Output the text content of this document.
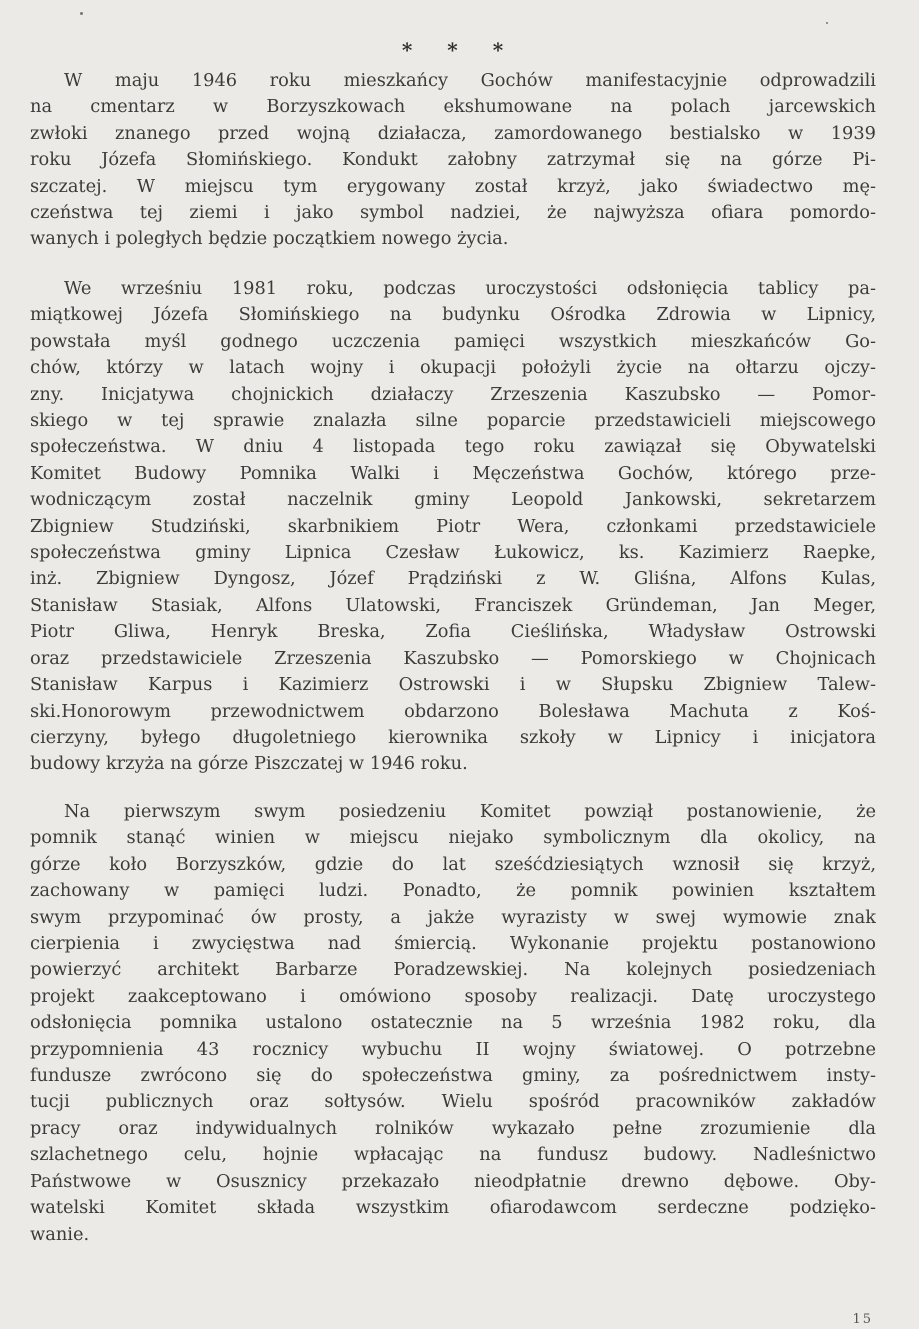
* * *
W maju 1946 roku mieszkańcy Gochów manifestacyjnie odprowadzili
na cmentarz w Borzyszkowach ekshumowane na polach jarcewskich
zwłoki znanego przed wojną działacza, zamordowanego bestialsko w 1939
roku Józefa Słomińskiego. Kondukt załobny zatrzymał się na górze Pi-
szczatej. W miejscu tym erygowany został krzyż, jako świadectwo mę-
czeństwa tej ziemi i jako symbol nadziei, że najwyższa ofiara pomordo-
wanych i poległych będzie początkiem nowego życia.
We wrześniu 1981 roku, podczas uroczystości odsłonięcia tablicy pa-
miątkowej Józefa Słomińskiego na budynku Ośrodka Zdrowia w Lipnicy,
powstała myśl godnego uczczenia pamięci wszystkich mieszkańców Go-
chów, którzy w latach wojny i okupacji położyli życie na ołtarzu ojczy-
zny. Inicjatywa chojnickich działaczy Zrzeszenia Kaszubsko — Pomor-
skiego w tej sprawie znalazła silne poparcie przedstawicieli miejscowego
społeczeństwa. W dniu 4 listopada tego roku zawiązał się Obywatelski
Komitet Budowy Pomnika Walki i Męczeństwa Gochów, którego prze-
wodniczącym został naczelnik gminy Leopold Jankowski, sekretarzem
Zbigniew Studziński, skarbnikiem Piotr Wera, członkami przedstawiciele
społeczeństwa gminy Lipnica Czesław Łukowicz, ks. Kazimierz Raepke,
inż. Zbigniew Dyngosz, Józef Prądziński z W. Gliśna, Alfons Kulas,
Stanisław Stasiak, Alfons Ulatowski, Franciszek Gründeman, Jan Meger,
Piotr Gliwa, Henryk Breska, Zofia Cieślińska, Władysław Ostrowski
oraz przedstawiciele Zrzeszenia Kaszubsko — Pomorskiego w Chojnicach
Stanisław Karpus i Kazimierz Ostrowski i w Słupsku Zbigniew Talew-
ski.Honorowym przewodnictwem obdarzono Bolesława Machuta z Koś-
cierzyny, byłego długoletniego kierownika szkoły w Lipnicy i inicjatora
budowy krzyża na górze Piszczatej w 1946 roku.
Na pierwszym swym posiedzeniu Komitet powziął postanowienie, że
pomnik stanąć winien w miejscu niejako symbolicznym dla okolicy, na
górze koło Borzyszków, gdzie do lat sześćdziesiątych wznosił się krzyż,
zachowany w pamięci ludzi. Ponadto, że pomnik powinien kształtem
swym przypominać ów prosty, a jakże wyrazisty w swej wymowie znak
cierpienia i zwycięstwa nad śmiercią. Wykonanie projektu postanowiono
powierzyć architekt Barbarze Poradzewskiej. Na kolejnych posiedzeniach
projekt zaakceptowano i omówiono sposoby realizacji. Datę uroczystego
odsłonięcia pomnika ustalono ostatecznie na 5 września 1982 roku, dla
przypomnienia 43 rocznicy wybuchu II wojny światowej. O potrzebne
fundusze zwrócono się do społeczeństwa gminy, za pośrednictwem insty-
tucji publicznych oraz sołtysów. Wielu spośród pracowników zakładów
pracy oraz indywidualnych rolników wykazało pełne zrozumienie dla
szlachetnego celu, hojnie wpłacając na fundusz budowy. Nadleśnictwo
Państwowe w Osusznicy przekazało nieodpłatnie drewno dębowe. Oby-
watelski Komitet składa wszystkim ofiarodawcom serdeczne podzięko-
wanie.
15
